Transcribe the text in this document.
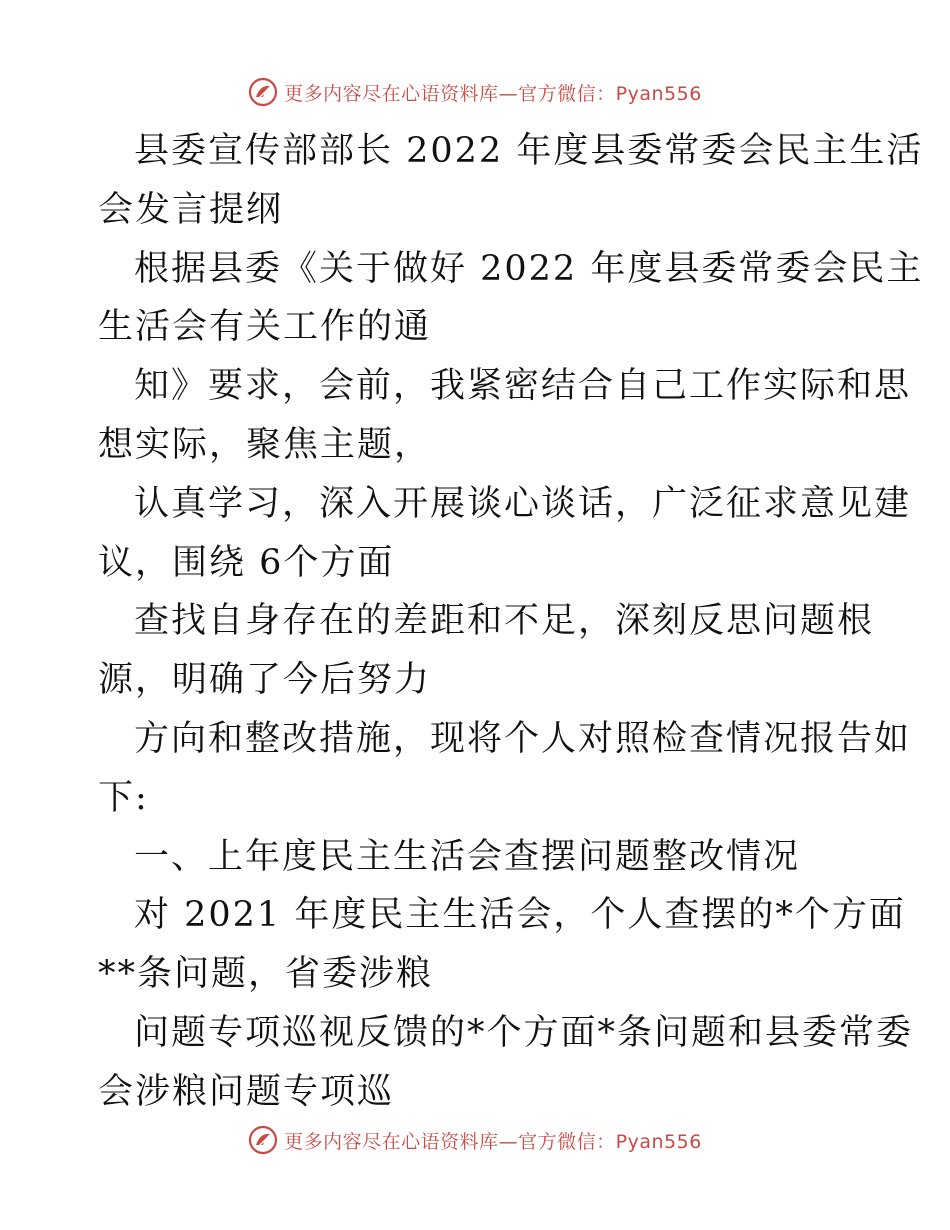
更多内容尽在心语资料库—官方微信：Pyan556

县委宣传部部长 2022 年度县委常委会民主生活
会发言提纲

根据县委《关于做好 2022 年度县委常委会民主
生活会有关工作的通

知》要求，会前，我紧密结合自己工作实际和思
想实际，聚焦主题，

认真学习，深入开展谈心谈话，广泛征求意见建
议，围绕 6个方面

查找自身存在的差距和不足，深刻反思问题根
源，明确了今后努力

方向和整改措施，现将个人对照检查情况报告如
下:

一、上年度民主生活会查摆问题整改情况

对 2021 年度民主生活会，个人查摆的*个方面
**条问题，省委涉粮

问题专项巡视反馈的*个方面*条问题和县委常委
会涉粮问题专项巡

更多内容尽在心语资料库—官方微信：Pyan556
